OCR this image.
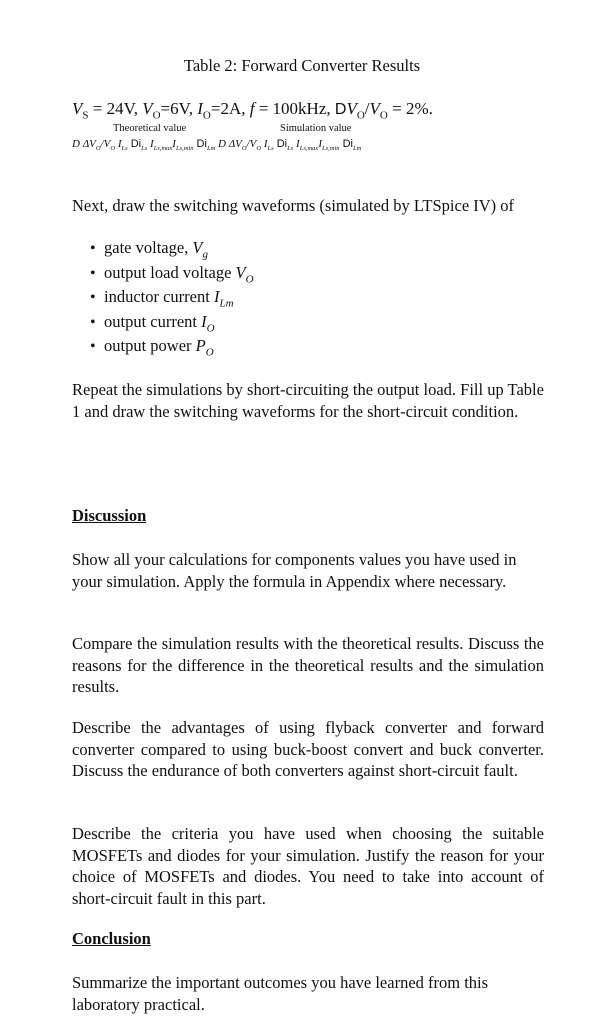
Table 2: Forward Converter Results
$V_S = 24V$, $V_O=6V$, $I_O=2A$, f = 100kHz, $DV_O/V_O = 2\%$.
Theoretical value	Simulation value
D $\Delta V_O/V_O$ $I_{Ls}$ $Di_{Ls}$ $I_{Ls,max}I_{Ls,min}$ $Di_{Lm}$ D $\Delta V_O/V_O$ $I_{Ls}$ $Di_{Ls}$ $I_{Ls,max}I_{Ls,min}$ $Di_{Lm}$
Next, draw the switching waveforms (simulated by LTSpice IV) of
• gate voltage, $V_g$
• output load voltage $V_O$
• inductor current $I_{Lm}$
• output current $I_O$
• output power $P_O$
Repeat the simulations by short-circuiting the output load. Fill up Table 1 and draw the switching waveforms for the short-circuit condition.
Discussion
Show all your calculations for components values you have used in your simulation. Apply the formula in Appendix where necessary.
Compare the simulation results with the theoretical results. Discuss the reasons for the difference in the theoretical results and the simulation results.
Describe the advantages of using flyback converter and forward converter compared to using buck-boost convert and buck converter. Discuss the endurance of both converters against short-circuit fault.
Describe the criteria you have used when choosing the suitable MOSFETs and diodes for your simulation. Justify the reason for your choice of MOSFETs and diodes. You need to take into account of short-circuit fault in this part.
Conclusion
Summarize the important outcomes you have learned from this laboratory practical.
